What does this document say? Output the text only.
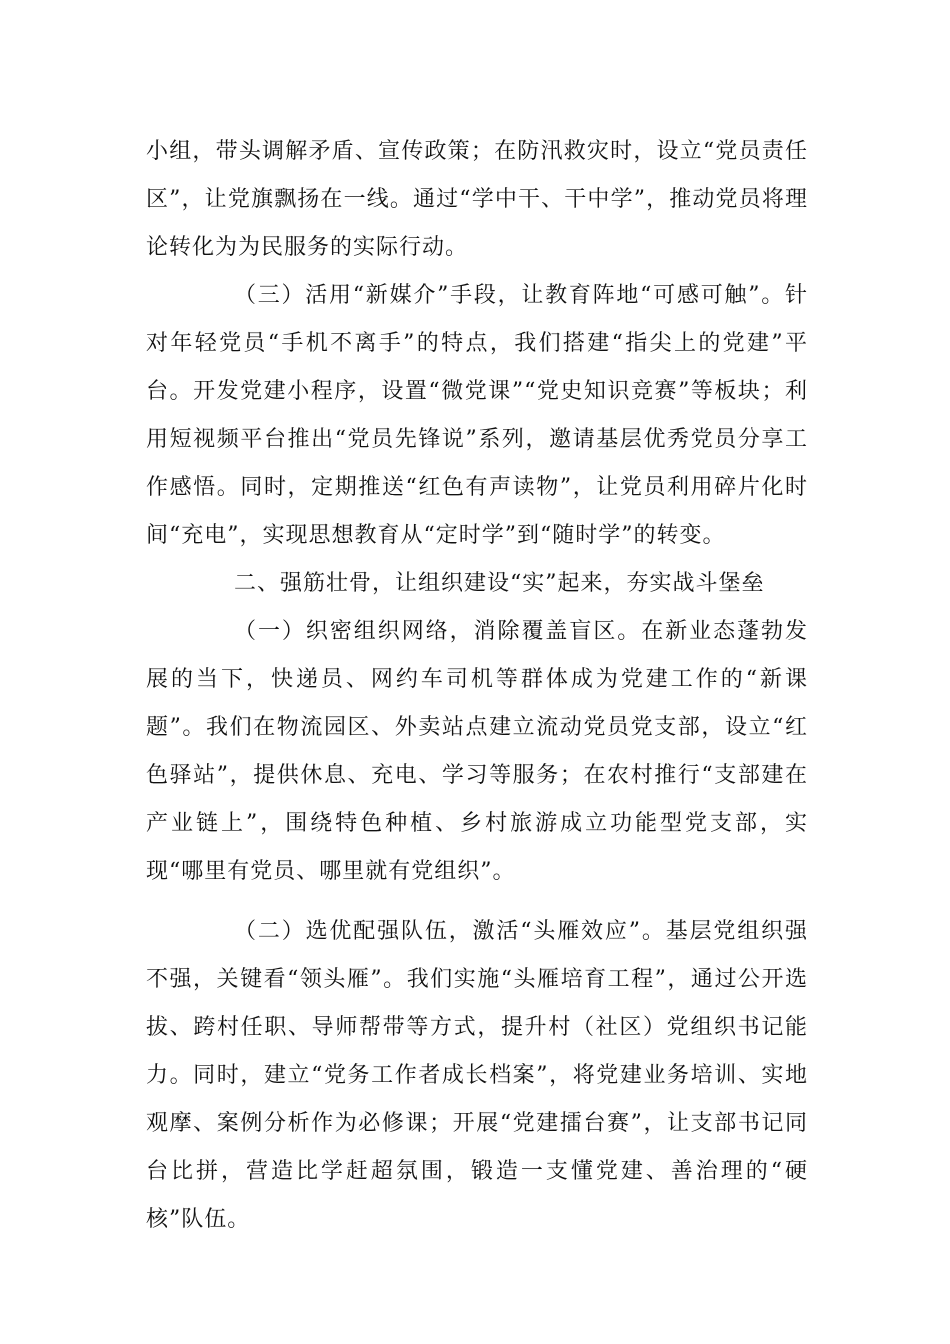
小组，带头调解矛盾、宣传政策；在防汛救灾时，设立“党员责任区”，让党旗飘扬在一线。通过“学中干、干中学”，推动党员将理论转化为为民服务的实际行动。

（三）活用“新媒介”手段，让教育阵地“可感可触”。针对年轻党员“手机不离手”的特点，我们搭建“指尖上的党建”平台。开发党建小程序，设置“微党课”“党史知识竞赛”等板块；利用短视频平台推出“党员先锋说”系列，邀请基层优秀党员分享工作感悟。同时，定期推送“红色有声读物”，让党员利用碎片化时间“充电”，实现思想教育从“定时学”到“随时学”的转变。

二、强筋壮骨，让组织建设“实”起来，夯实战斗堡垒

（一）织密组织网络，消除覆盖盲区。在新业态蓬勃发展的当下，快递员、网约车司机等群体成为党建工作的“新课题”。我们在物流园区、外卖站点建立流动党员党支部，设立“红色驿站”，提供休息、充电、学习等服务；在农村推行“支部建在产业链上”，围绕特色种植、乡村旅游成立功能型党支部，实现“哪里有党员、哪里就有党组织”。

（二）选优配强队伍，激活“头雁效应”。基层党组织强不强，关键看“领头雁”。我们实施“头雁培育工程”，通过公开选拔、跨村任职、导师帮带等方式，提升村（社区）党组织书记能力。同时，建立“党务工作者成长档案”，将党建业务培训、实地观摩、案例分析作为必修课；开展“党建擂台赛”，让支部书记同台比拼，营造比学赶超氛围，锻造一支懂党建、善治理的“硬核”队伍。
